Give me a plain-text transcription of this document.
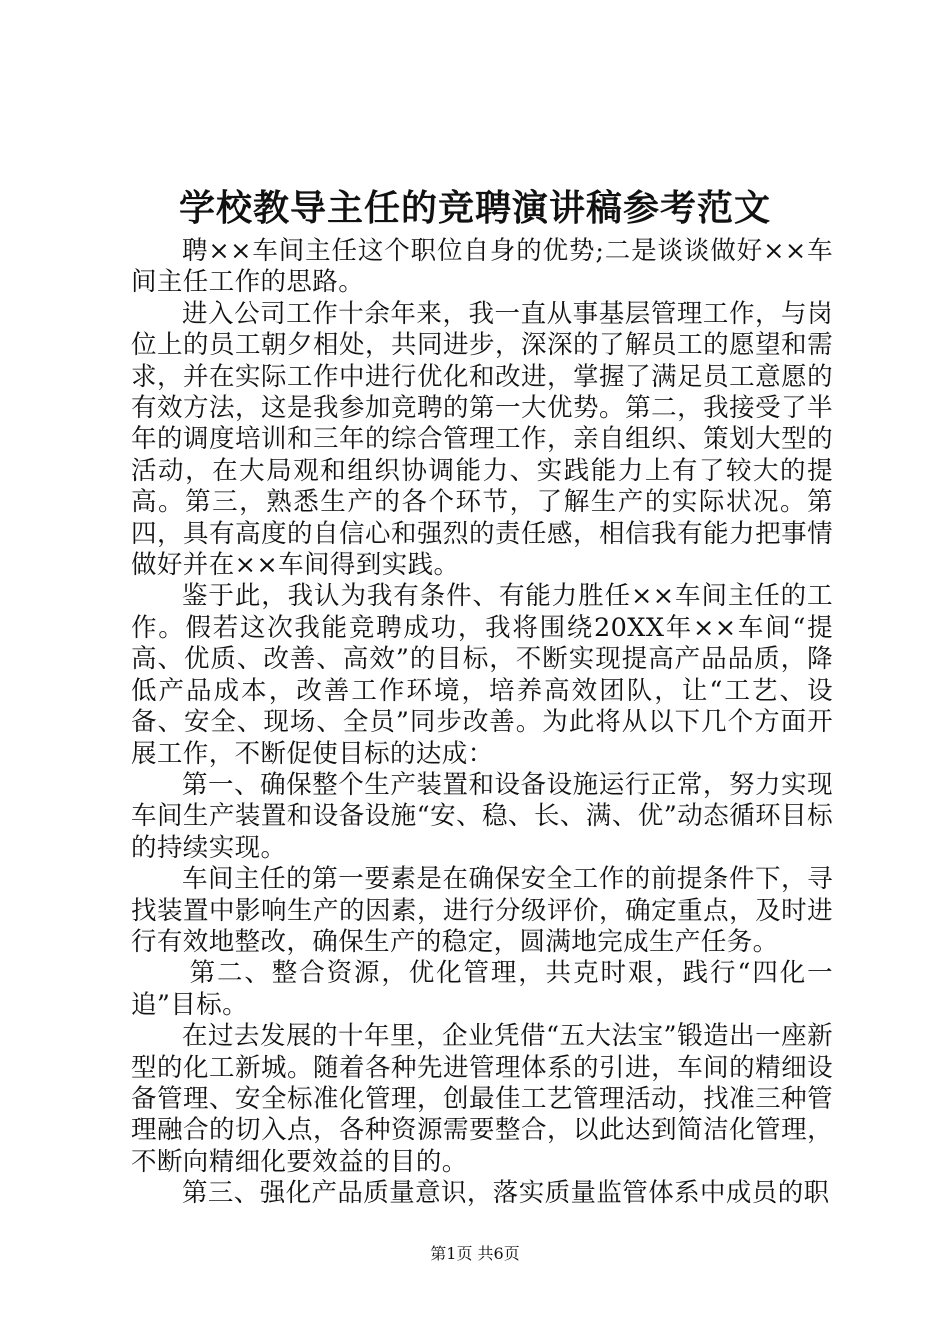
学校教导主任的竞聘演讲稿参考范文

聘××车间主任这个职位自身的优势;二是谈谈做好××车间主任工作的思路。

进入公司工作十余年来，我一直从事基层管理工作，与岗位上的员工朝夕相处，共同进步，深深的了解员工的愿望和需求，并在实际工作中进行优化和改进，掌握了满足员工意愿的有效方法，这是我参加竞聘的第一大优势。第二，我接受了半年的调度培训和三年的综合管理工作，亲自组织、策划大型的活动，在大局观和组织协调能力、实践能力上有了较大的提高。第三，熟悉生产的各个环节，了解生产的实际状况。第四，具有高度的自信心和强烈的责任感，相信我有能力把事情做好并在××车间得到实践。

鉴于此，我认为我有条件、有能力胜任××车间主任的工作。假若这次我能竞聘成功，我将围绕20XX年××车间“提高、优质、改善、高效”的目标，不断实现提高产品品质，降低产品成本，改善工作环境，培养高效团队，让“工艺、设备、安全、现场、全员”同步改善。为此将从以下几个方面开展工作，不断促使目标的达成：

第一、确保整个生产装置和设备设施运行正常，努力实现车间生产装置和设备设施“安、稳、长、满、优”动态循环目标的持续实现。

车间主任的第一要素是在确保安全工作的前提条件下，寻找装置中影响生产的因素，进行分级评价，确定重点，及时进行有效地整改，确保生产的稳定，圆满地完成生产任务。

第二、整合资源，优化管理，共克时艰，践行“四化一追”目标。

在过去发展的十年里，企业凭借“五大法宝”锻造出一座新型的化工新城。随着各种先进管理体系的引进，车间的精细设备管理、安全标准化管理，创最佳工艺管理活动，找准三种管理融合的切入点，各种资源需要整合，以此达到简洁化管理，不断向精细化要效益的目的。

第三、强化产品质量意识，落实质量监管体系中成员的职

第1页 共6页
